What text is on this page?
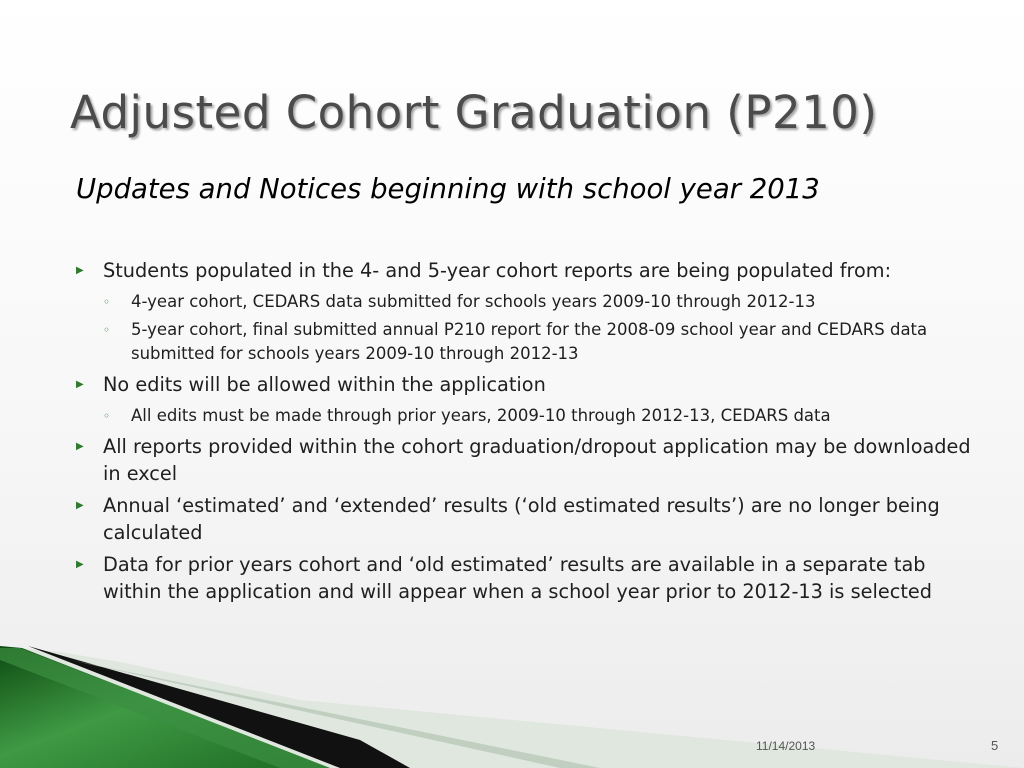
Adjusted Cohort Graduation (P210)
Updates and Notices beginning with school year 2013
▶ Students populated in the 4- and 5-year cohort reports are being populated from:
◦ 4-year cohort, CEDARS data submitted for schools years 2009-10 through 2012-13
◦ 5-year cohort, final submitted annual P210 report for the 2008-09 school year and CEDARS data submitted for schools years 2009-10 through 2012-13
▶ No edits will be allowed within the application
◦ All edits must be made through prior years, 2009-10 through 2012-13, CEDARS data
▶ All reports provided within the cohort graduation/dropout application may be downloaded in excel
▶ Annual ‘estimated’ and ‘extended’ results (‘old estimated results’) are no longer being calculated
▶ Data for prior years cohort and ‘old estimated’ results are available in a separate tab within the application and will appear when a school year prior to 2012-13 is selected
11/14/2013	5
